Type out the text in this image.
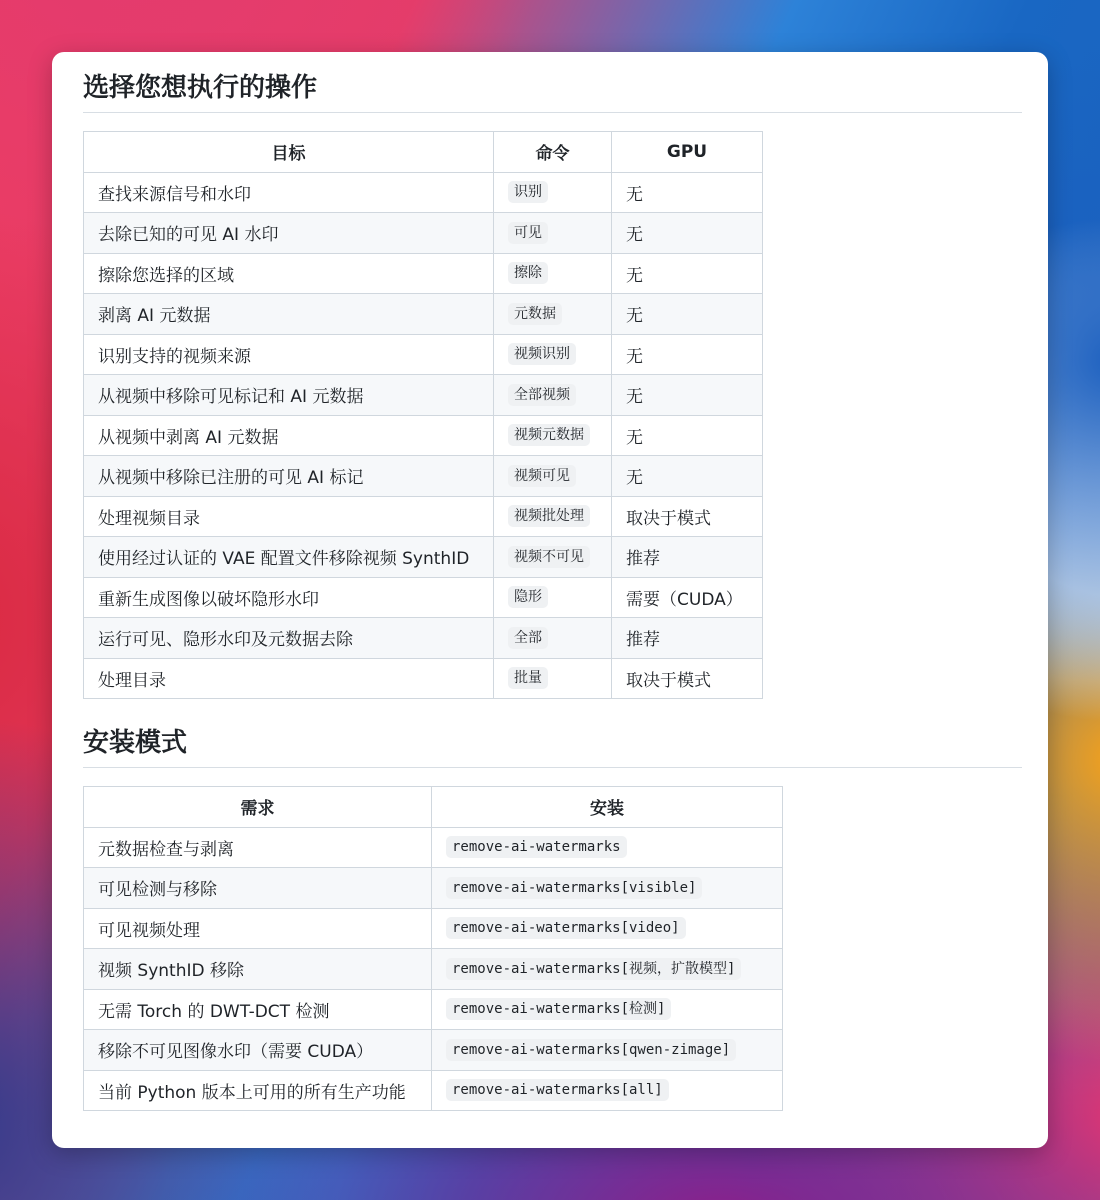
选择您想执行的操作
目标	命令	GPU
查找来源信号和水印	识别	无
去除已知的可见 AI 水印	可见	无
擦除您选择的区域	擦除	无
剥离 AI 元数据	元数据	无
识别支持的视频来源	视频识别	无
从视频中移除可见标记和 AI 元数据	全部视频	无
从视频中剥离 AI 元数据	视频元数据	无
从视频中移除已注册的可见 AI 标记	视频可见	无
处理视频目录	视频批处理	取决于模式
使用经过认证的 VAE 配置文件移除视频 SynthID	视频不可见	推荐
重新生成图像以破坏隐形水印	隐形	需要（CUDA）
运行可见、隐形水印及元数据去除	全部	推荐
处理目录	批量	取决于模式
安装模式
需求	安装
元数据检查与剥离	remove-ai-watermarks
可见检测与移除	remove-ai-watermarks[visible]
可见视频处理	remove-ai-watermarks[video]
视频 SynthID 移除	remove-ai-watermarks[视频，扩散模型]
无需 Torch 的 DWT-DCT 检测	remove-ai-watermarks[检测]
移除不可见图像水印（需要 CUDA）	remove-ai-watermarks[qwen-zimage]
当前 Python 版本上可用的所有生产功能	remove-ai-watermarks[all]
